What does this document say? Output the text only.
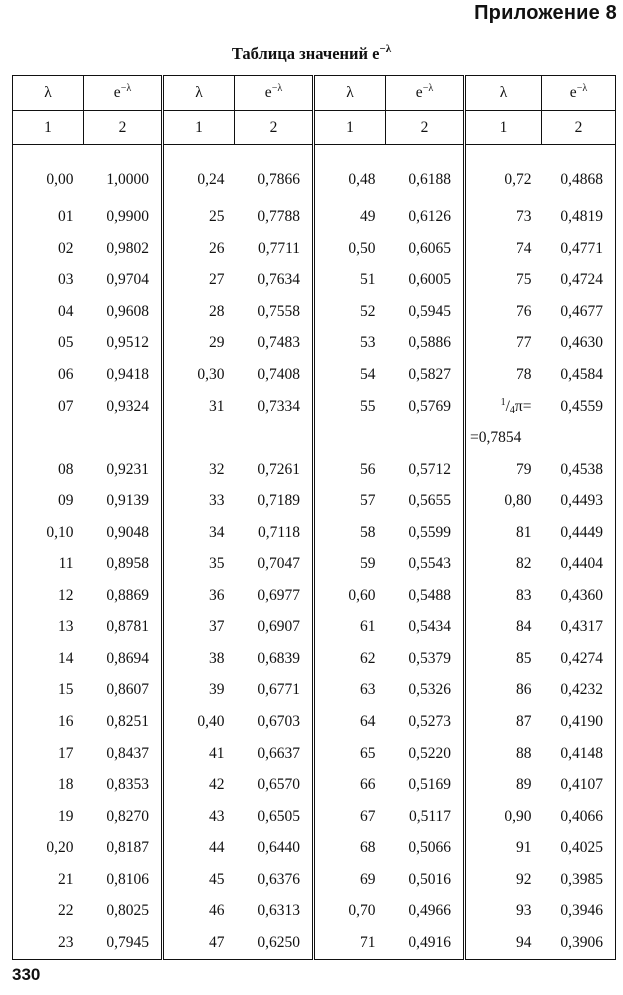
Приложение 8
Таблица значений $e^{-\lambda}$
λ	$e^{-\lambda}$	λ	$e^{-\lambda}$	λ	$e^{-\lambda}$	λ	$e^{-\lambda}$
1	2	1	2	1	2	1	2
0,00	1,0000	0,24	0,7866	0,48	0,6188	0,72	0,4868
01	0,9900	25	0,7788	49	0,6126	73	0,4819
02	0,9802	26	0,7711	0,50	0,6065	74	0,4771
03	0,9704	27	0,7634	51	0,6005	75	0,4724
04	0,9608	28	0,7558	52	0,5945	76	0,4677
05	0,9512	29	0,7483	53	0,5886	77	0,4630
06	0,9418	0,30	0,7408	54	0,5827	78	0,4584
07	0,9324	31	0,7334	55	0,5769	$^1$/4π=	0,4559
						=0,7854	
08	0,9231	32	0,7261	56	0,5712	79	0,4538
09	0,9139	33	0,7189	57	0,5655	0,80	0,4493
0,10	0,9048	34	0,7118	58	0,5599	81	0,4449
11	0,8958	35	0,7047	59	0,5543	82	0,4404
12	0,8869	36	0,6977	0,60	0,5488	83	0,4360
13	0,8781	37	0,6907	61	0,5434	84	0,4317
14	0,8694	38	0,6839	62	0,5379	85	0,4274
15	0,8607	39	0,6771	63	0,5326	86	0,4232
16	0,8251	0,40	0,6703	64	0,5273	87	0,4190
17	0,8437	41	0,6637	65	0,5220	88	0,4148
18	0,8353	42	0,6570	66	0,5169	89	0,4107
19	0,8270	43	0,6505	67	0,5117	0,90	0,4066
0,20	0,8187	44	0,6440	68	0,5066	91	0,4025
21	0,8106	45	0,6376	69	0,5016	92	0,3985
22	0,8025	46	0,6313	0,70	0,4966	93	0,3946
23	0,7945	47	0,6250	71	0,4916	94	0,3906
330
